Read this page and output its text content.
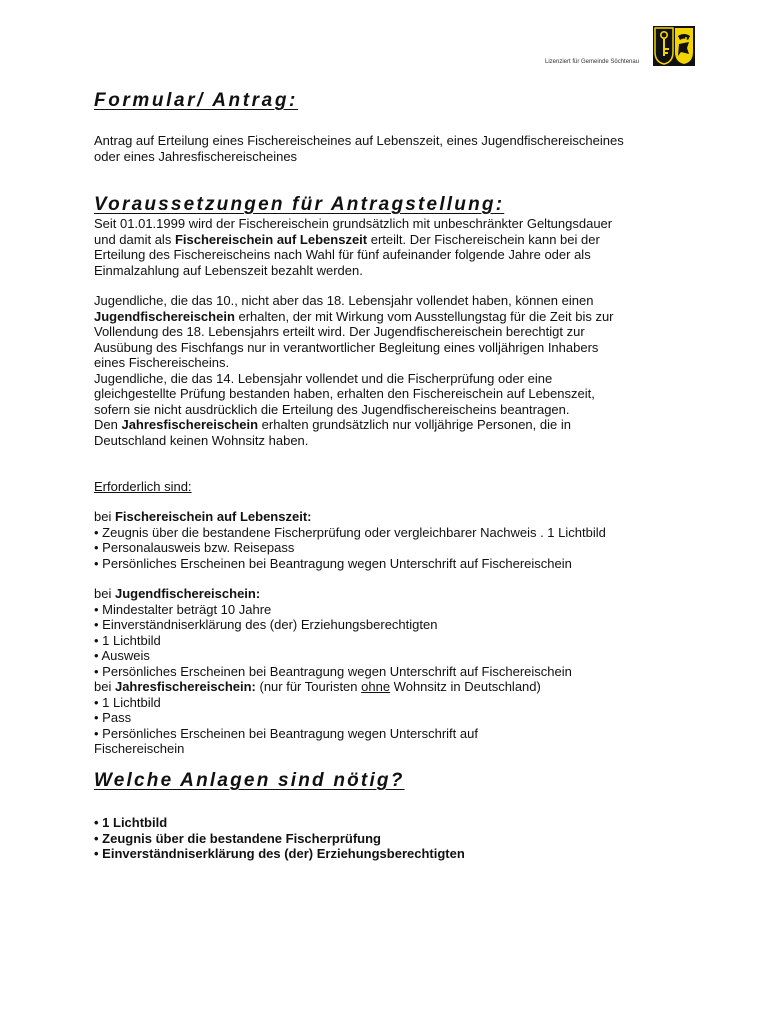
Lizenziert für Gemeinde Söchtenau
Formular/ Antrag:
Antrag auf Erteilung eines Fischereischeines auf Lebenszeit, eines Jugendfischereischeines
oder eines Jahresfischereischeines
Voraussetzungen für Antragstellung:
Seit 01.01.1999 wird der Fischereischein grundsätzlich mit unbeschränkter Geltungsdauer
und damit als Fischereischein auf Lebenszeit erteilt. Der Fischereischein kann bei der
Erteilung des Fischereischeins nach Wahl für fünf aufeinander folgende Jahre oder als
Einmalzahlung auf Lebenszeit bezahlt werden.
Jugendliche, die das 10., nicht aber das 18. Lebensjahr vollendet haben, können einen
Jugendfischereischein erhalten, der mit Wirkung vom Ausstellungstag für die Zeit bis zur
Vollendung des 18. Lebensjahrs erteilt wird. Der Jugendfischereischein berechtigt zur
Ausübung des Fischfangs nur in verantwortlicher Begleitung eines volljährigen Inhabers
eines Fischereischeins.
Jugendliche, die das 14. Lebensjahr vollendet und die Fischerprüfung oder eine
gleichgestellte Prüfung bestanden haben, erhalten den Fischereischein auf Lebenszeit,
sofern sie nicht ausdrücklich die Erteilung des Jugendfischereischeins beantragen.
Den Jahresfischereischein erhalten grundsätzlich nur volljährige Personen, die in
Deutschland keinen Wohnsitz haben.
Erforderlich sind:
bei Fischereischein auf Lebenszeit:
• Zeugnis über die bestandene Fischerprüfung oder vergleichbarer Nachweis . 1 Lichtbild
• Personalausweis bzw. Reisepass
• Persönliches Erscheinen bei Beantragung wegen Unterschrift auf Fischereischein
bei Jugendfischereischein:
• Mindestalter beträgt 10 Jahre
• Einverständniserklärung des (der) Erziehungsberechtigten
• 1 Lichtbild
• Ausweis
• Persönliches Erscheinen bei Beantragung wegen Unterschrift auf Fischereischein
bei Jahresfischereischein: (nur für Touristen ohne Wohnsitz in Deutschland)
• 1 Lichtbild
• Pass
• Persönliches Erscheinen bei Beantragung wegen Unterschrift auf
Fischereischein
Welche Anlagen sind nötig?
• 1 Lichtbild
• Zeugnis über die bestandene Fischerprüfung
• Einverständniserklärung des (der) Erziehungsberechtigten
